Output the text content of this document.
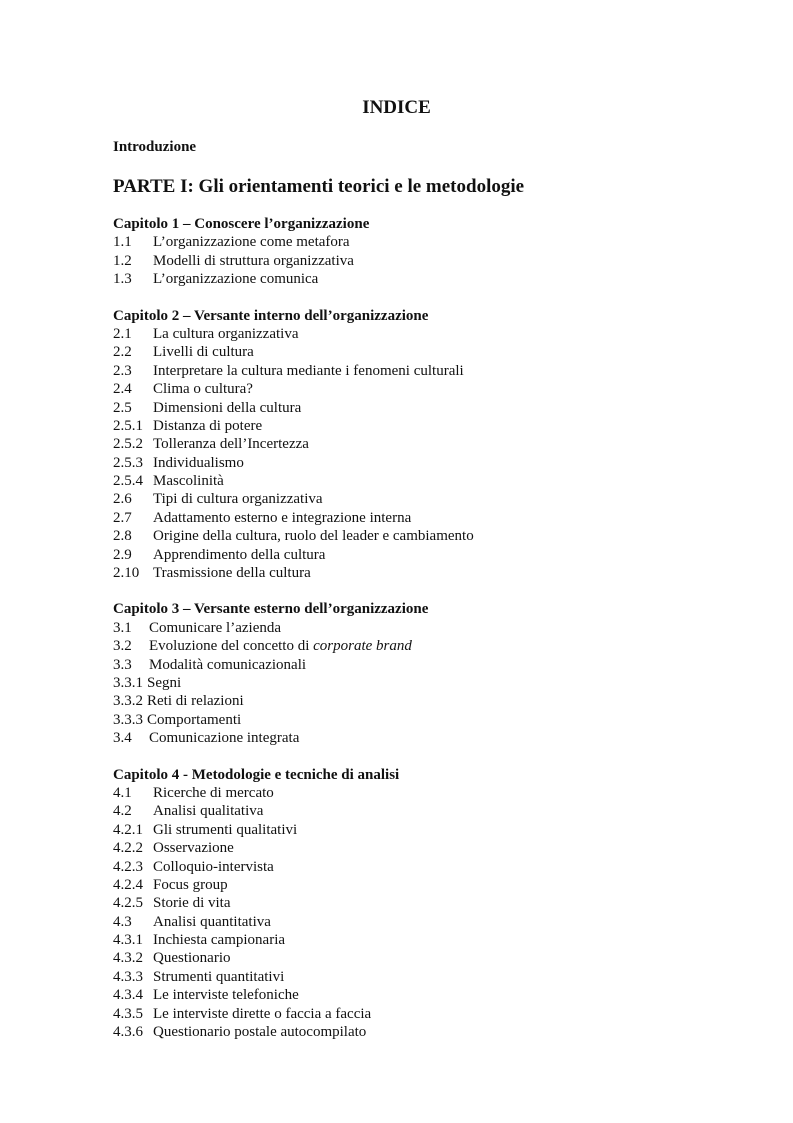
INDICE
Introduzione
PARTE I: Gli orientamenti teorici e le metodologie
Capitolo 1 – Conoscere l’organizzazione
1.1	L’organizzazione come metafora
1.2	Modelli di struttura organizzativa
1.3	L’organizzazione comunica
Capitolo 2 – Versante interno dell’organizzazione
2.1	La cultura organizzativa
2.2	Livelli di cultura
2.3	Interpretare la cultura mediante i fenomeni culturali
2.4	Clima o cultura?
2.5	Dimensioni della cultura
2.5.1 Distanza di potere
2.5.2 Tolleranza dell’Incertezza
2.5.3 Individualismo
2.5.4 Mascolinità
2.6	Tipi di cultura organizzativa
2.7	Adattamento esterno e integrazione interna
2.8	Origine della cultura, ruolo del leader e cambiamento
2.9	Apprendimento della cultura
2.10 Trasmissione della cultura
Capitolo 3 – Versante esterno dell’organizzazione
3.1	Comunicare l’azienda
3.2	Evoluzione del concetto di corporate brand
3.3	Modalità comunicazionali
3.3.1 Segni
3.3.2 Reti di relazioni
3.3.3 Comportamenti
3.4	Comunicazione integrata
Capitolo 4 - Metodologie e tecniche di analisi
4.1	Ricerche di mercato
4.2	Analisi qualitativa
4.2.1 Gli strumenti qualitativi
4.2.2 Osservazione
4.2.3 Colloquio-intervista
4.2.4 Focus group
4.2.5 Storie di vita
4.3	Analisi quantitativa
4.3.1 Inchiesta campionaria
4.3.2 Questionario
4.3.3 Strumenti quantitativi
4.3.4 Le interviste telefoniche
4.3.5 Le interviste dirette o faccia a faccia
4.3.6 Questionario postale autocompilato
